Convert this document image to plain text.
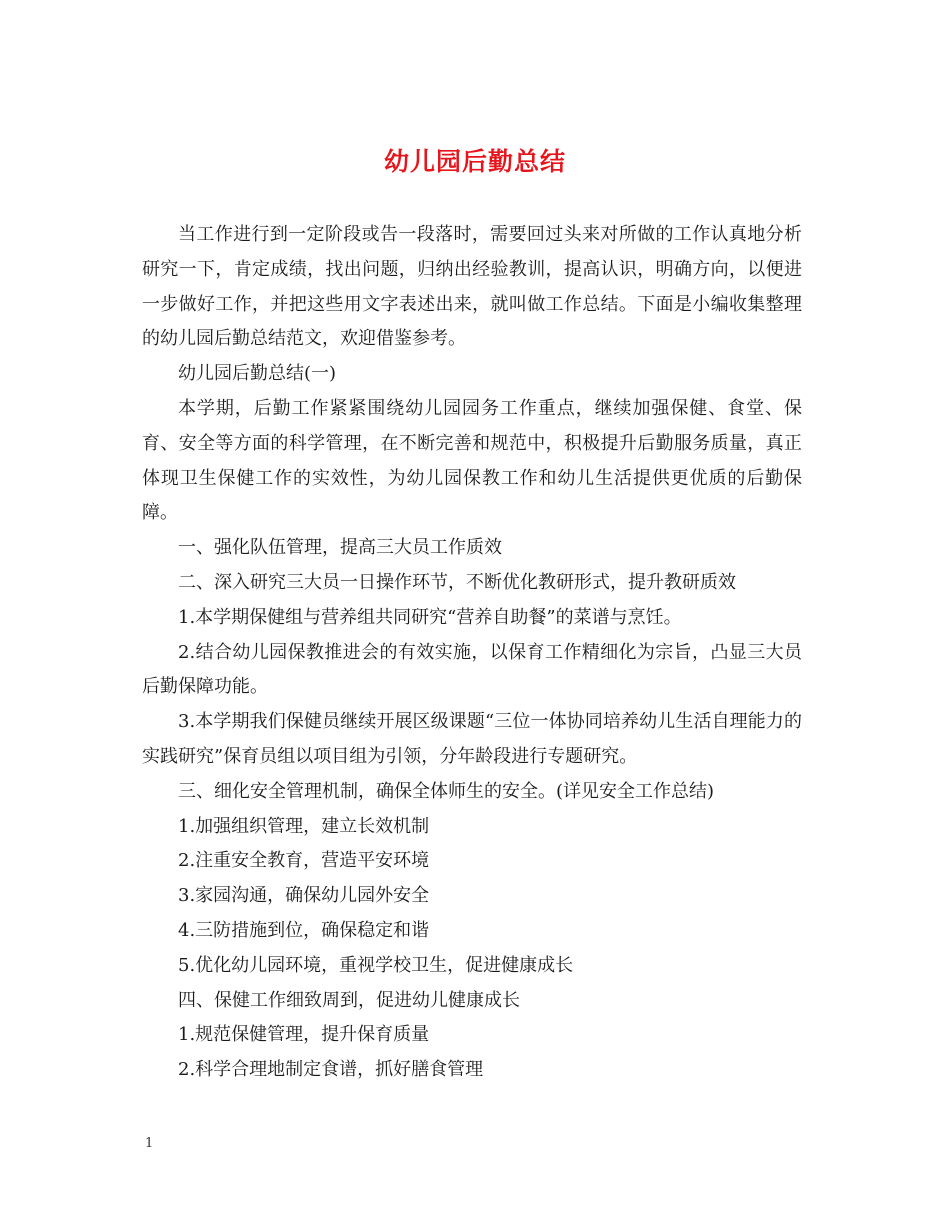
幼儿园后勤总结

当工作进行到一定阶段或告一段落时，需要回过头来对所做的工作认真地分析研究一下，肯定成绩，找出问题，归纳出经验教训，提高认识，明确方向，以便进一步做好工作，并把这些用文字表述出来，就叫做工作总结。下面是小编收集整理的幼儿园后勤总结范文，欢迎借鉴参考。

幼儿园后勤总结(一)

本学期，后勤工作紧紧围绕幼儿园园务工作重点，继续加强保健、食堂、保育、安全等方面的科学管理，在不断完善和规范中，积极提升后勤服务质量，真正体现卫生保健工作的实效性，为幼儿园保教工作和幼儿生活提供更优质的后勤保障。

一、强化队伍管理，提高三大员工作质效

二、深入研究三大员一日操作环节，不断优化教研形式，提升教研质效

1.本学期保健组与营养组共同研究“营养自助餐”的菜谱与烹饪。

2.结合幼儿园保教推进会的有效实施，以保育工作精细化为宗旨，凸显三大员后勤保障功能。

3.本学期我们保健员继续开展区级课题“三位一体协同培养幼儿生活自理能力的实践研究”保育员组以项目组为引领，分年龄段进行专题研究。

三、细化安全管理机制，确保全体师生的安全。(详见安全工作总结)

1.加强组织管理，建立长效机制

2.注重安全教育，营造平安环境

3.家园沟通，确保幼儿园外安全

4.三防措施到位，确保稳定和谐

5.优化幼儿园环境，重视学校卫生，促进健康成长

四、保健工作细致周到，促进幼儿健康成长

1.规范保健管理，提升保育质量

2.科学合理地制定食谱，抓好膳食管理

1
